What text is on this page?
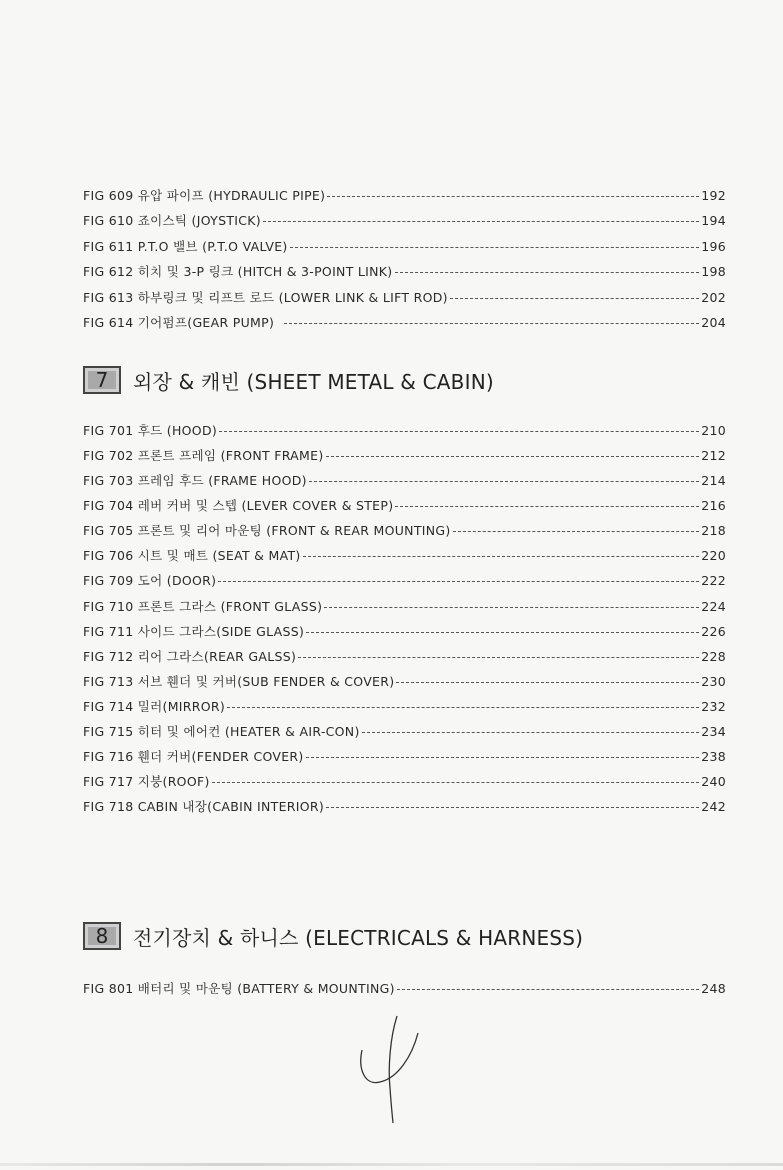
FIG 609 유압 파이프 (HYDRAULIC PIPE)	192
FIG 610 죠이스틱 (JOYSTICK)	194
FIG 611 P.T.O 밸브 (P.T.O VALVE)	196
FIG 612 히치 및 3-P 링크 (HITCH & 3-POINT LINK)	198
FIG 613 하부링크 및 리프트 로드 (LOWER LINK & LIFT ROD)	202
FIG 614 기어펌프(GEAR PUMP)	204
7	외장 & 캐빈 (SHEET METAL & CABIN)
FIG 701 후드 (HOOD)	210
FIG 702 프론트 프레임 (FRONT FRAME)	212
FIG 703 프레임 후드 (FRAME HOOD)	214
FIG 704 레버 커버 및 스텝 (LEVER COVER & STEP)	216
FIG 705 프론트 및 리어 마운팅 (FRONT & REAR MOUNTING)	218
FIG 706 시트 및 매트 (SEAT & MAT)	220
FIG 709 도어 (DOOR)	222
FIG 710 프론트 그라스 (FRONT GLASS)	224
FIG 711 사이드 그라스(SIDE GLASS)	226
FIG 712 리어 그라스(REAR GALSS)	228
FIG 713 서브 휀더 및 커버(SUB FENDER & COVER)	230
FIG 714 밀러(MIRROR)	232
FIG 715 히터 및 에어컨 (HEATER & AIR-CON)	234
FIG 716 휀더 커버(FENDER COVER)	238
FIG 717 지붕(ROOF)	240
FIG 718 CABIN 내장(CABIN INTERIOR)	242
8	전기장치 & 하니스 (ELECTRICALS & HARNESS)
FIG 801 배터리 및 마운팅 (BATTERY & MOUNTING)	248
